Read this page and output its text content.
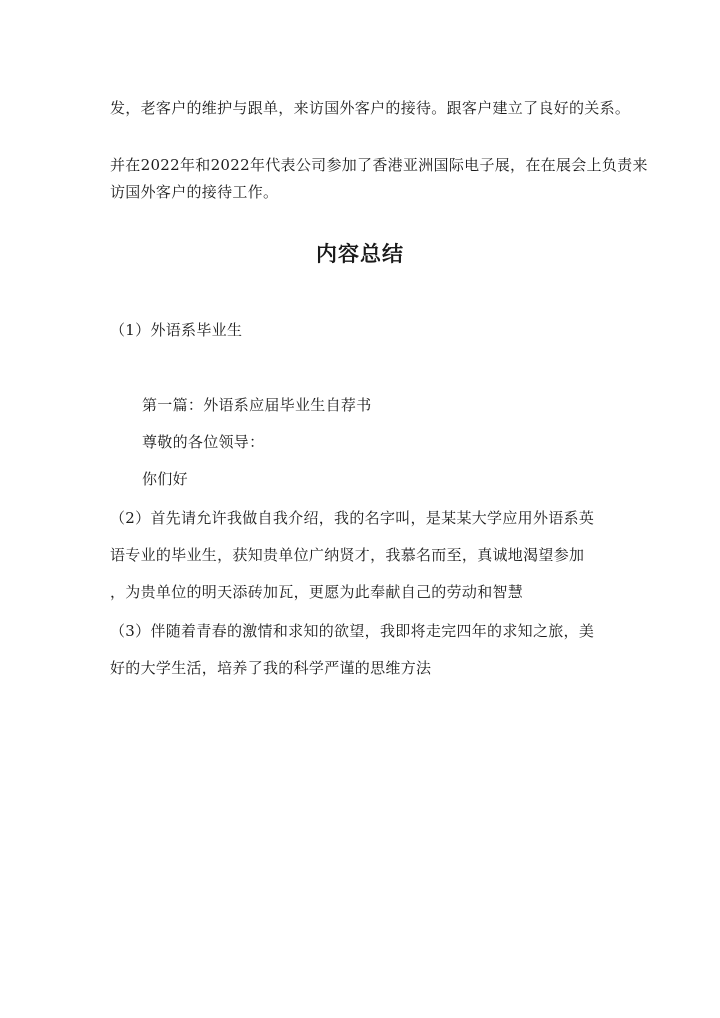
发，老客户的维护与跟单，来访国外客户的接待。跟客户建立了良好的关系。
并在2022年和2022年代表公司参加了香港亚洲国际电子展，在在展会上负责来
访国外客户的接待工作。
内容总结
（1）外语系毕业生
第一篇：外语系应届毕业生自荐书
尊敬的各位领导：
你们好
（2）首先请允许我做自我介绍，我的名字叫，是某某大学应用外语系英
语专业的毕业生，获知贵单位广纳贤才，我慕名而至，真诚地渴望参加
，为贵单位的明天添砖加瓦，更愿为此奉献自己的劳动和智慧
（3）伴随着青春的激情和求知的欲望，我即将走完四年的求知之旅，美
好的大学生活，培养了我的科学严谨的思维方法
